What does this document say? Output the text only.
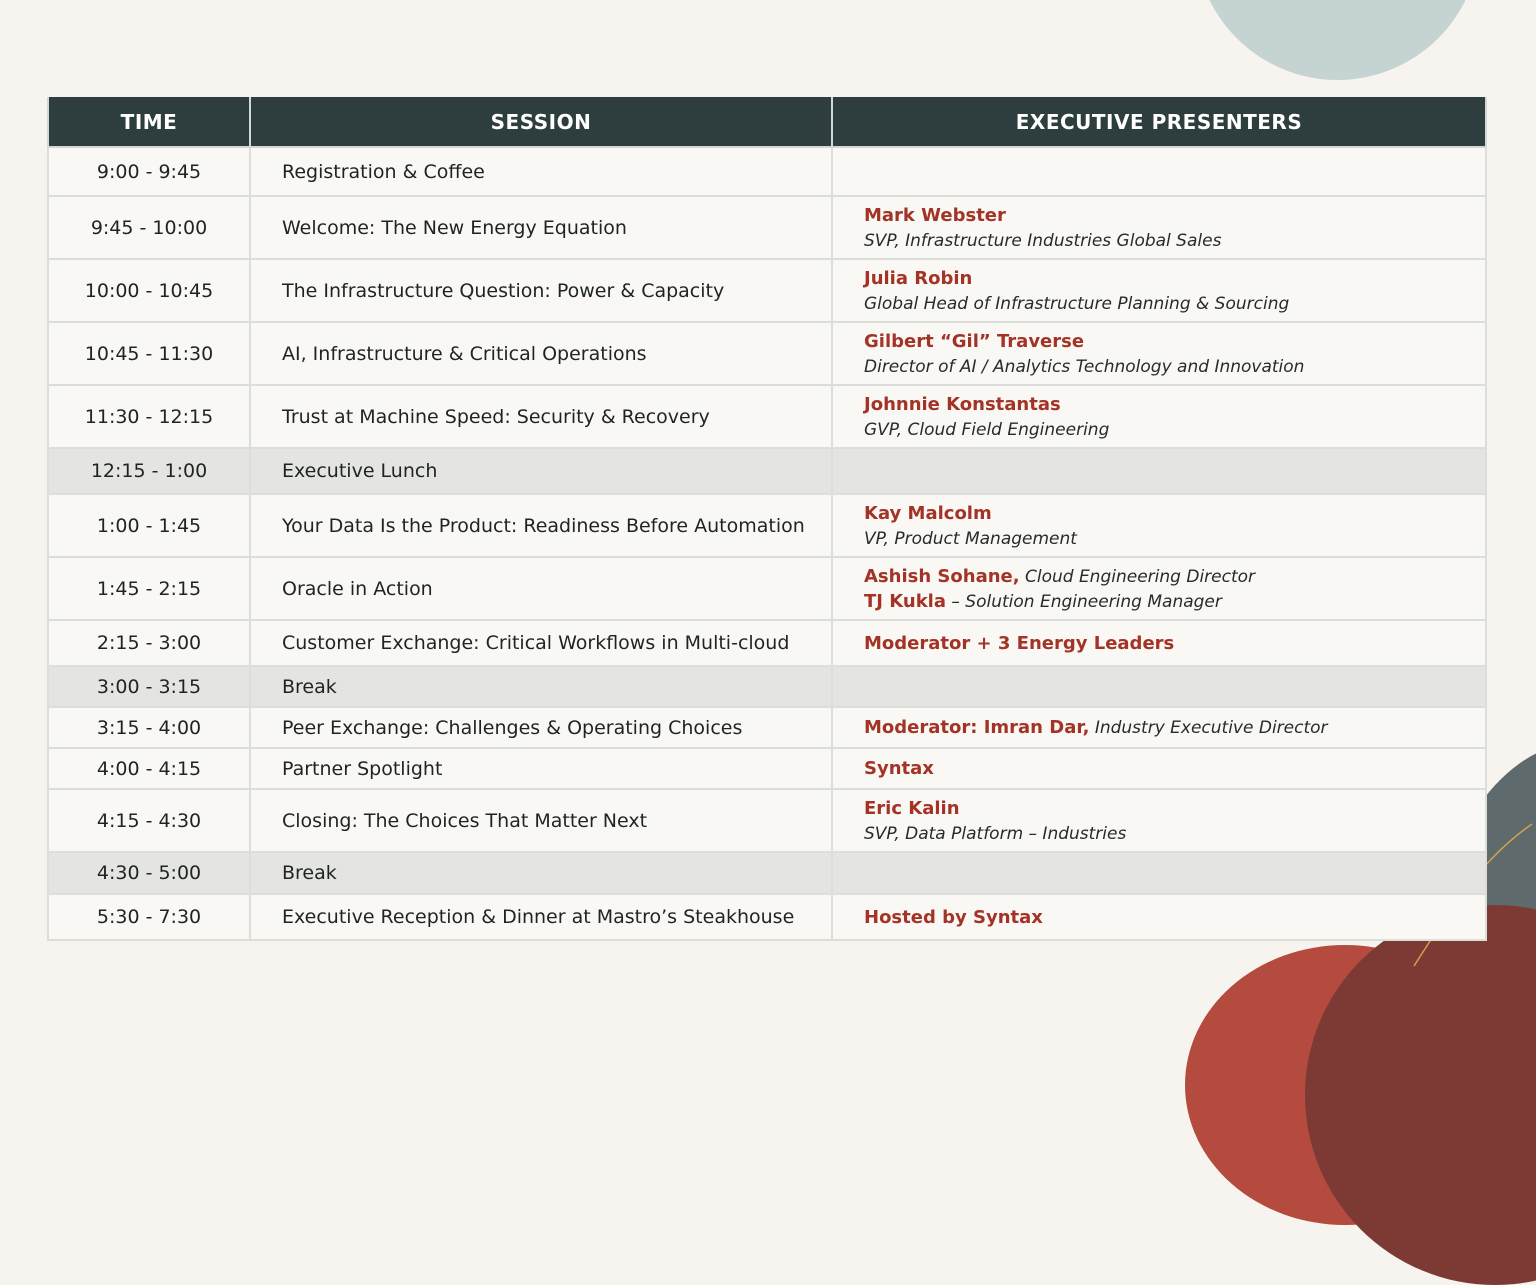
TIME	SESSION	EXECUTIVE PRESENTERS
9:00 - 9:45	Registration & Coffee	
9:45 - 10:00	Welcome: The New Energy Equation	Mark Webster
SVP, Infrastructure Industries Global Sales

10:00 - 10:45	The Infrastructure Question: Power & Capacity	Julia Robin
Global Head of Infrastructure Planning & Sourcing

10:45 - 11:30	AI, Infrastructure & Critical Operations	Gilbert “Gil” Traverse
Director of AI / Analytics Technology and Innovation

11:30 - 12:15	Trust at Machine Speed: Security & Recovery	Johnnie Konstantas
GVP, Cloud Field Engineering

12:15 - 1:00	Executive Lunch	
1:00 - 1:45	Your Data Is the Product: Readiness Before Automation	Kay Malcolm
VP, Product Management

1:45 - 2:15	Oracle in Action	Ashish Sohane, Cloud Engineering Director
TJ Kukla – Solution Engineering Manager

2:15 - 3:00	Customer Exchange: Critical Workflows in Multi-cloud	Moderator + 3 Energy Leaders

3:00 - 3:15	Break	
3:15 - 4:00	Peer Exchange: Challenges & Operating Choices	Moderator: Imran Dar, Industry Executive Director

4:00 - 4:15	Partner Spotlight	Syntax

4:15 - 4:30	Closing: The Choices That Matter Next	Eric Kalin
SVP, Data Platform – Industries

4:30 - 5:00	Break	
5:30 - 7:30	Executive Reception & Dinner at Mastro’s Steakhouse	Hosted by Syntax
